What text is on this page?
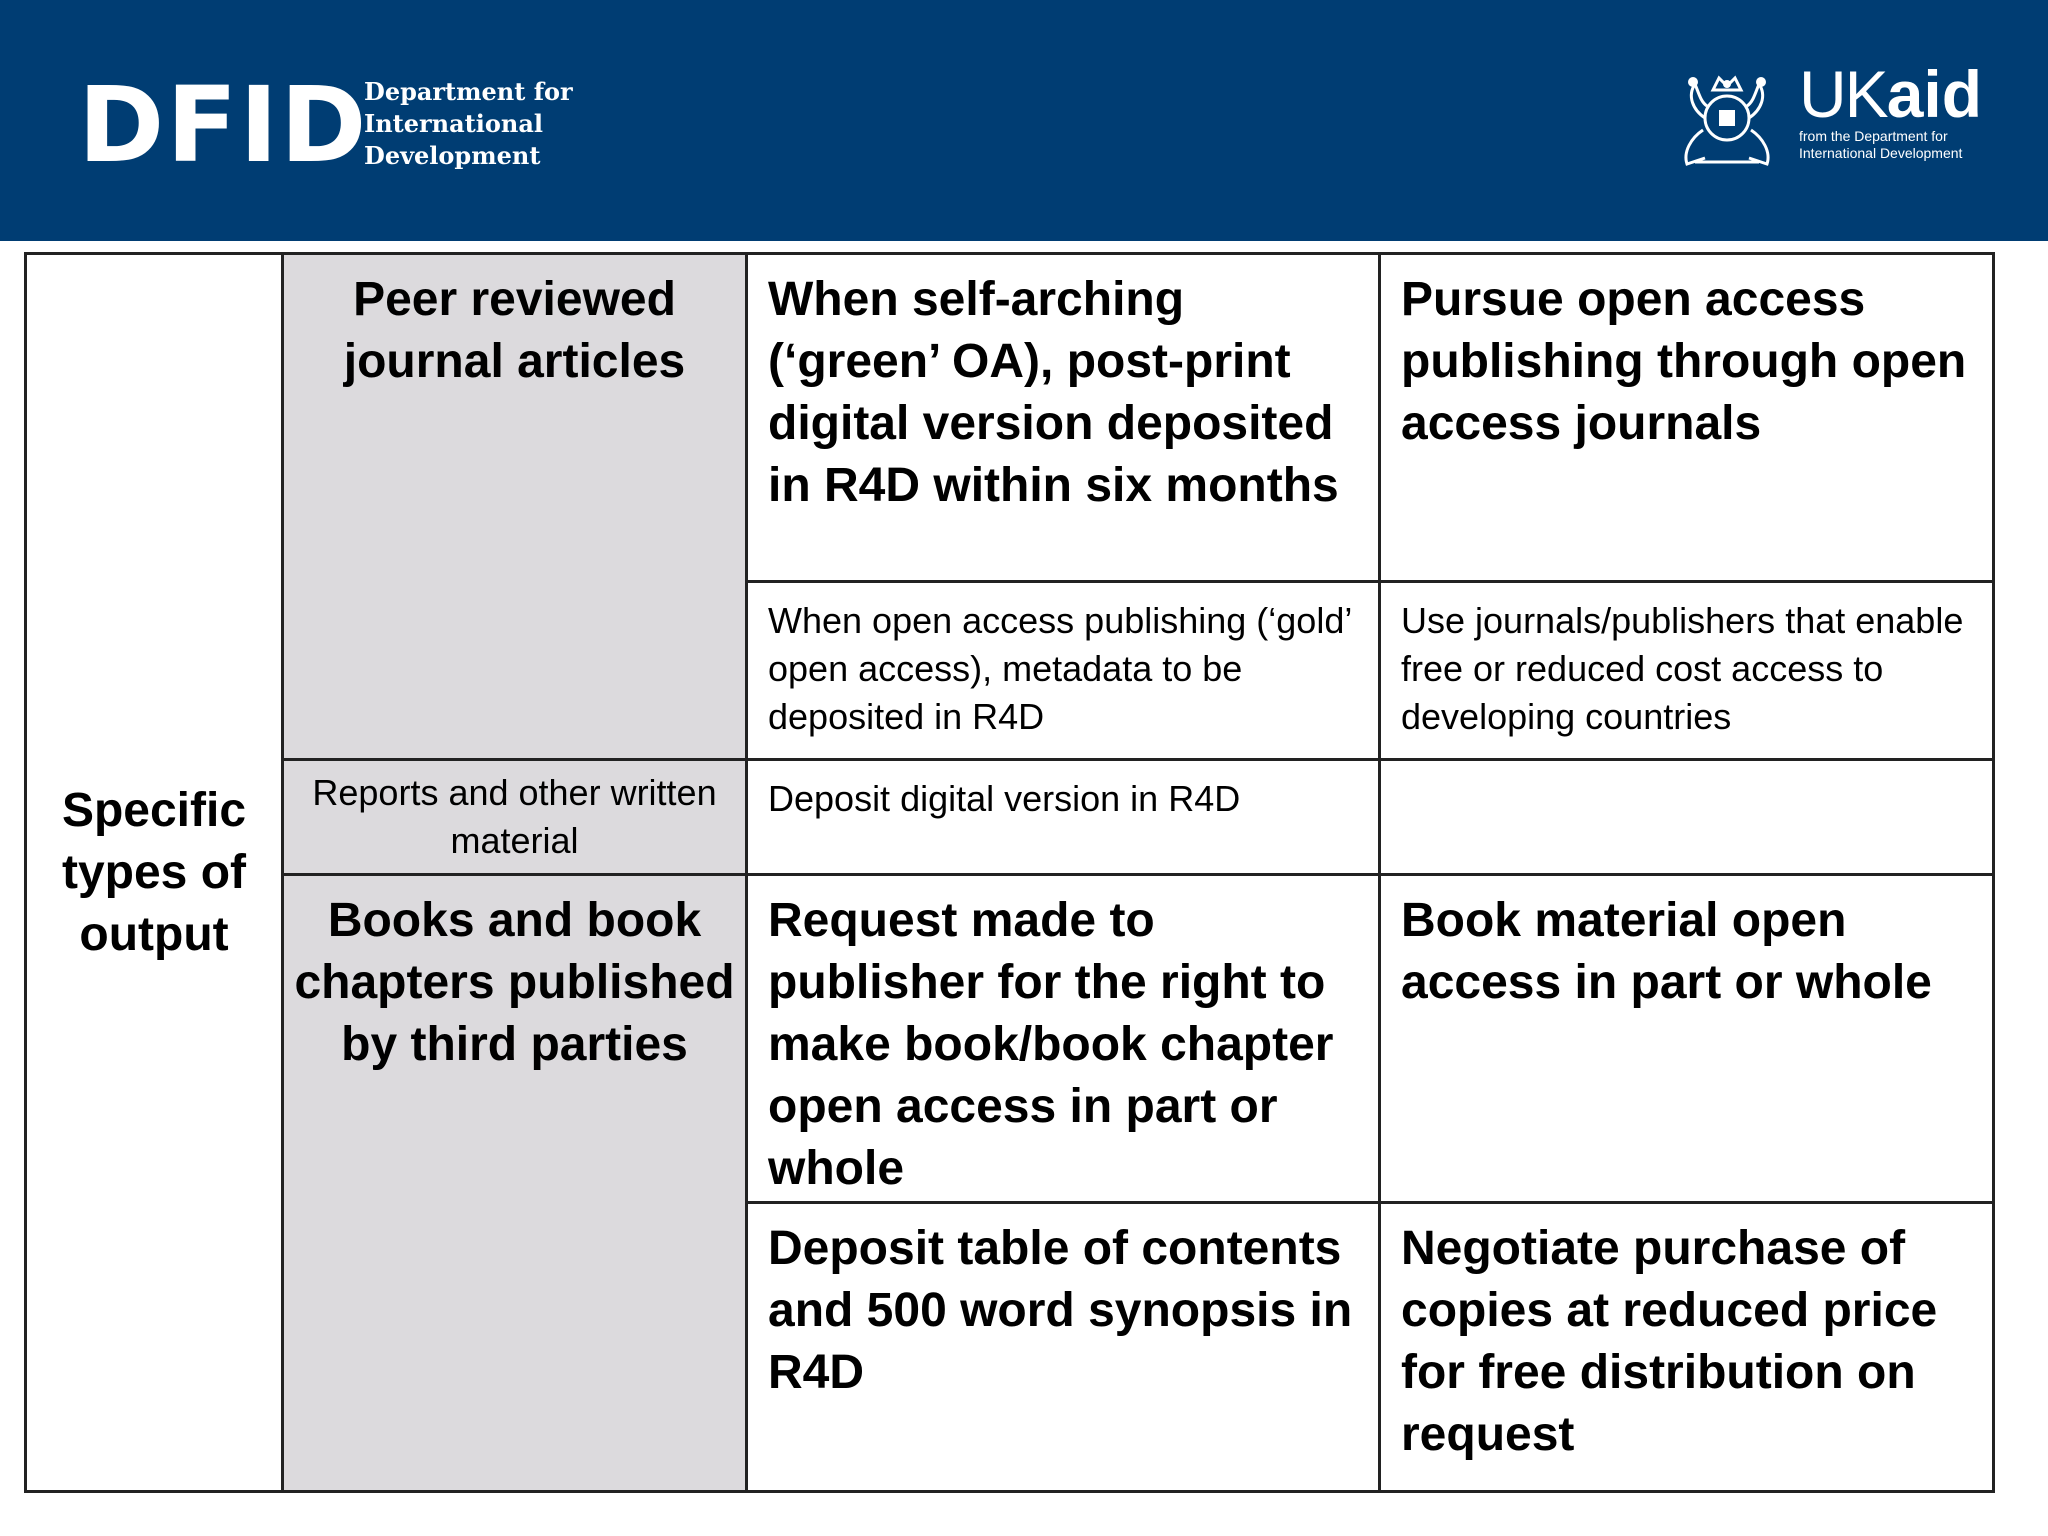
DFID
Department for
International
Development
UKaid
from the Department for
International Development
Specific types of output	Peer reviewed journal articles	When self-arching (‘green’ OA), post-print digital version deposited in R4D within six months	Pursue open access publishing through open access journals
		When open access publishing (‘gold’ open access), metadata to be deposited in R4D	Use journals/publishers that enable free or reduced cost access to developing countries
	Reports and other written material	Deposit digital version in R4D	
	Books and book chapters published by third parties	Request made to publisher for the right to make book/book chapter open access in part or whole	Book material open access in part or whole
		Deposit table of contents and 500 word synopsis in R4D	Negotiate purchase of copies at reduced price for free distribution on request
